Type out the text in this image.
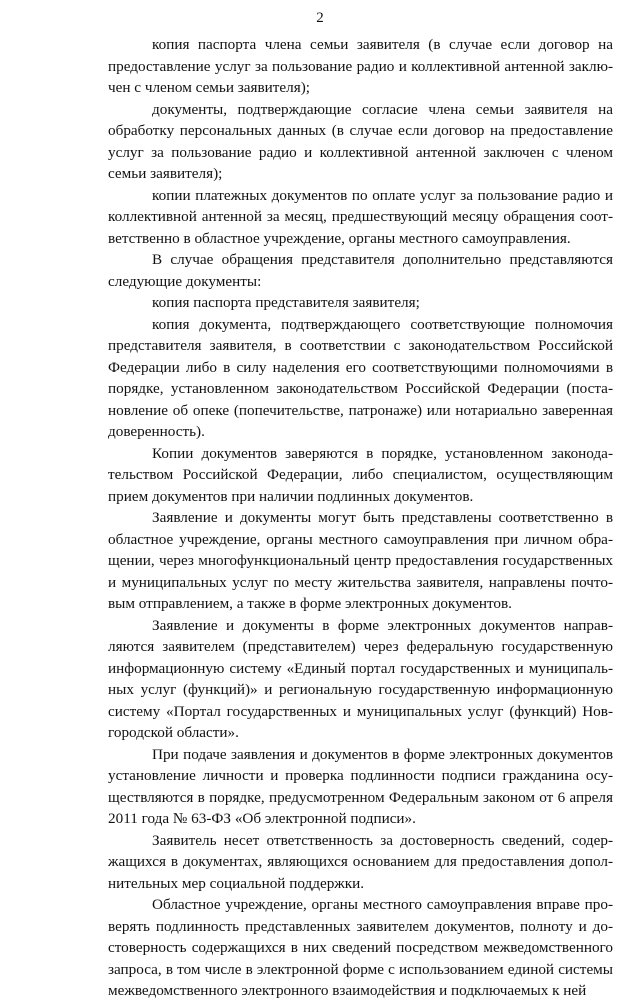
2

копия паспорта члена семьи заявителя (в случае если договор на предоставление услуг за пользование радио и коллективной антенной заключен с членом семьи заявителя);

документы, подтверждающие согласие члена семьи заявителя на обработку персональных данных (в случае если договор на предоставление услуг за пользование радио и коллективной антенной заключен с членом семьи заявителя);

копии платежных документов по оплате услуг за пользование радио и коллективной антенной за месяц, предшествующий месяцу обращения соответственно в областное учреждение, органы местного самоуправления.

В случае обращения представителя дополнительно представляются следующие документы:

копия паспорта представителя заявителя;

копия документа, подтверждающего соответствующие полномочия представителя заявителя, в соответствии с законодательством Российской Федерации либо в силу наделения его соответствующими полномочиями в порядке, установленном законодательством Российской Федерации (постановление об опеке (попечительстве, патронаже) или нотариально заверенная доверенность).

Копии документов заверяются в порядке, установленном законодательством Российской Федерации, либо специалистом, осуществляющим прием документов при наличии подлинных документов.

Заявление и документы могут быть представлены соответственно в областное учреждение, органы местного самоуправления при личном обращении, через многофункциональный центр предоставления государственных и муниципальных услуг по месту жительства заявителя, направлены почтовым отправлением, а также в форме электронных документов.

Заявление и документы в форме электронных документов направляются заявителем (представителем) через федеральную государственную информационную систему «Единый портал государственных и муниципальных услуг (функций)» и региональную государственную информационную систему «Портал государственных и муниципальных услуг (функций) Новгородской области».

При подаче заявления и документов в форме электронных документов установление личности и проверка подлинности подписи гражданина осуществляются в порядке, предусмотренном Федеральным законом от 6 апреля 2011 года № 63-ФЗ «Об электронной подписи».

Заявитель несет ответственность за достоверность сведений, содержащихся в документах, являющихся основанием для предоставления дополнительных мер социальной поддержки.

Областное учреждение, органы местного самоуправления вправе проверять подлинность представленных заявителем документов, полноту и достоверность содержащихся в них сведений посредством межведомственного запроса, в том числе в электронной форме с использованием единой системы межведомственного электронного взаимодействия и подключаемых к ней
